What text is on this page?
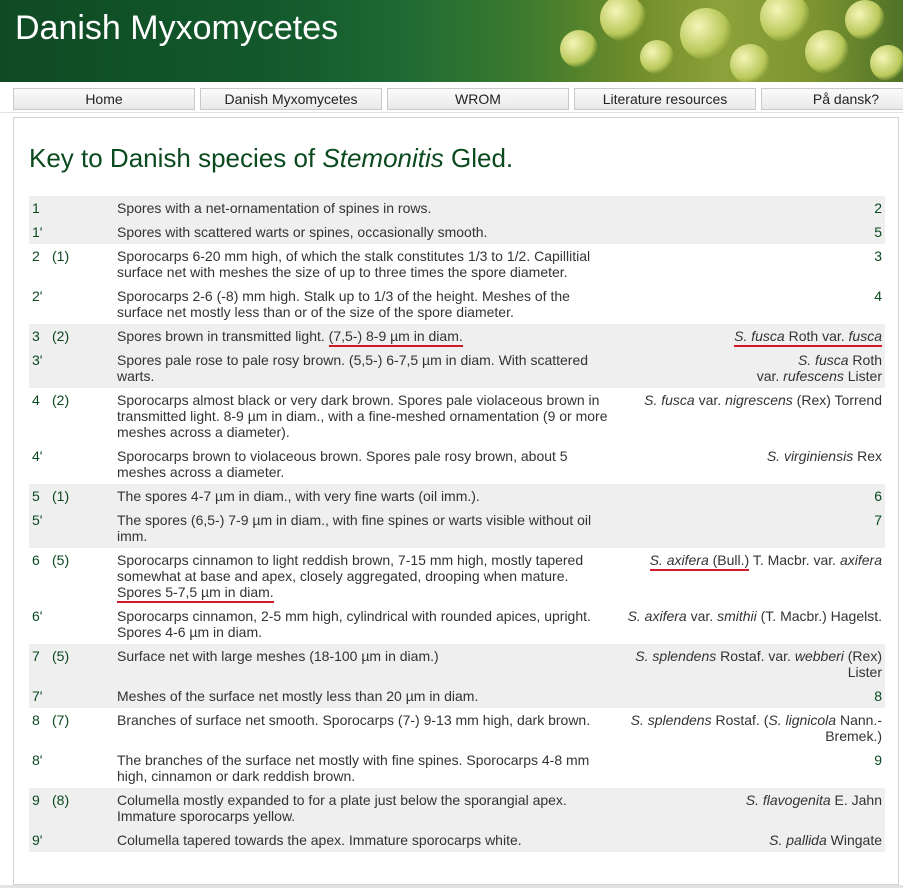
Danish Myxomycetes
Home	Danish Myxomycetes	WROM	Literature resources	På dansk?
Key to Danish species of Stemonitis Gled.
1		Spores with a net-ornamentation of spines in rows.	2
1'		Spores with scattered warts or spines, occasionally smooth.	5
2	(1)	Sporocarps 6-20 mm high, of which the stalk constitutes 1/3 to 1/2. Capillitial surface net with meshes the size of up to three times the spore diameter.	3
2'		Sporocarps 2-6 (-8) mm high. Stalk up to 1/3 of the height. Meshes of the surface net mostly less than or of the size of the spore diameter.	4
3	(2)	Spores brown in transmitted light. (7,5-) 8-9 µm in diam.	S. fusca Roth var. fusca
3'		Spores pale rose to pale rosy brown. (5,5-) 6-7,5 µm in diam. With scattered warts.	S. fusca Roth
var. rufescens Lister
4	(2)	Sporocarps almost black or very dark brown. Spores pale violaceous brown in transmitted light. 8-9 µm in diam., with a fine-meshed ornamentation (9 or more meshes across a diameter).	S. fusca var. nigrescens (Rex) Torrend
4'		Sporocarps brown to violaceous brown. Spores pale rosy brown, about 5 meshes across a diameter.	S. virginiensis Rex
5	(1)	The spores 4-7 µm in diam., with very fine warts (oil imm.).	6
5'		The spores (6,5-) 7-9 µm in diam., with fine spines or warts visible without oil imm.	7
6	(5)	Sporocarps cinnamon to light reddish brown, 7-15 mm high, mostly tapered somewhat at base and apex, closely aggregated, drooping when mature. Spores 5-7,5 µm in diam.	S. axifera (Bull.) T. Macbr. var. axifera
6'		Sporocarps cinnamon, 2-5 mm high, cylindrical with rounded apices, upright. Spores 4-6 µm in diam.	S. axifera var. smithii (T. Macbr.) Hagelst.
7	(5)	Surface net with large meshes (18-100 µm in diam.)	S. splendens Rostaf. var. webberi (Rex) Lister
7'		Meshes of the surface net mostly less than 20 µm in diam.	8
8	(7)	Branches of surface net smooth. Sporocarps (7-) 9-13 mm high, dark brown.	S. splendens Rostaf. (S. lignicola Nann.-Bremek.)
8'		The branches of the surface net mostly with fine spines. Sporocarps 4-8 mm high, cinnamon or dark reddish brown.	9
9	(8)	Columella mostly expanded to for a plate just below the sporangial apex. Immature sporocarps yellow.	S. flavogenita E. Jahn
9'		Columella tapered towards the apex. Immature sporocarps white.	S. pallida Wingate
